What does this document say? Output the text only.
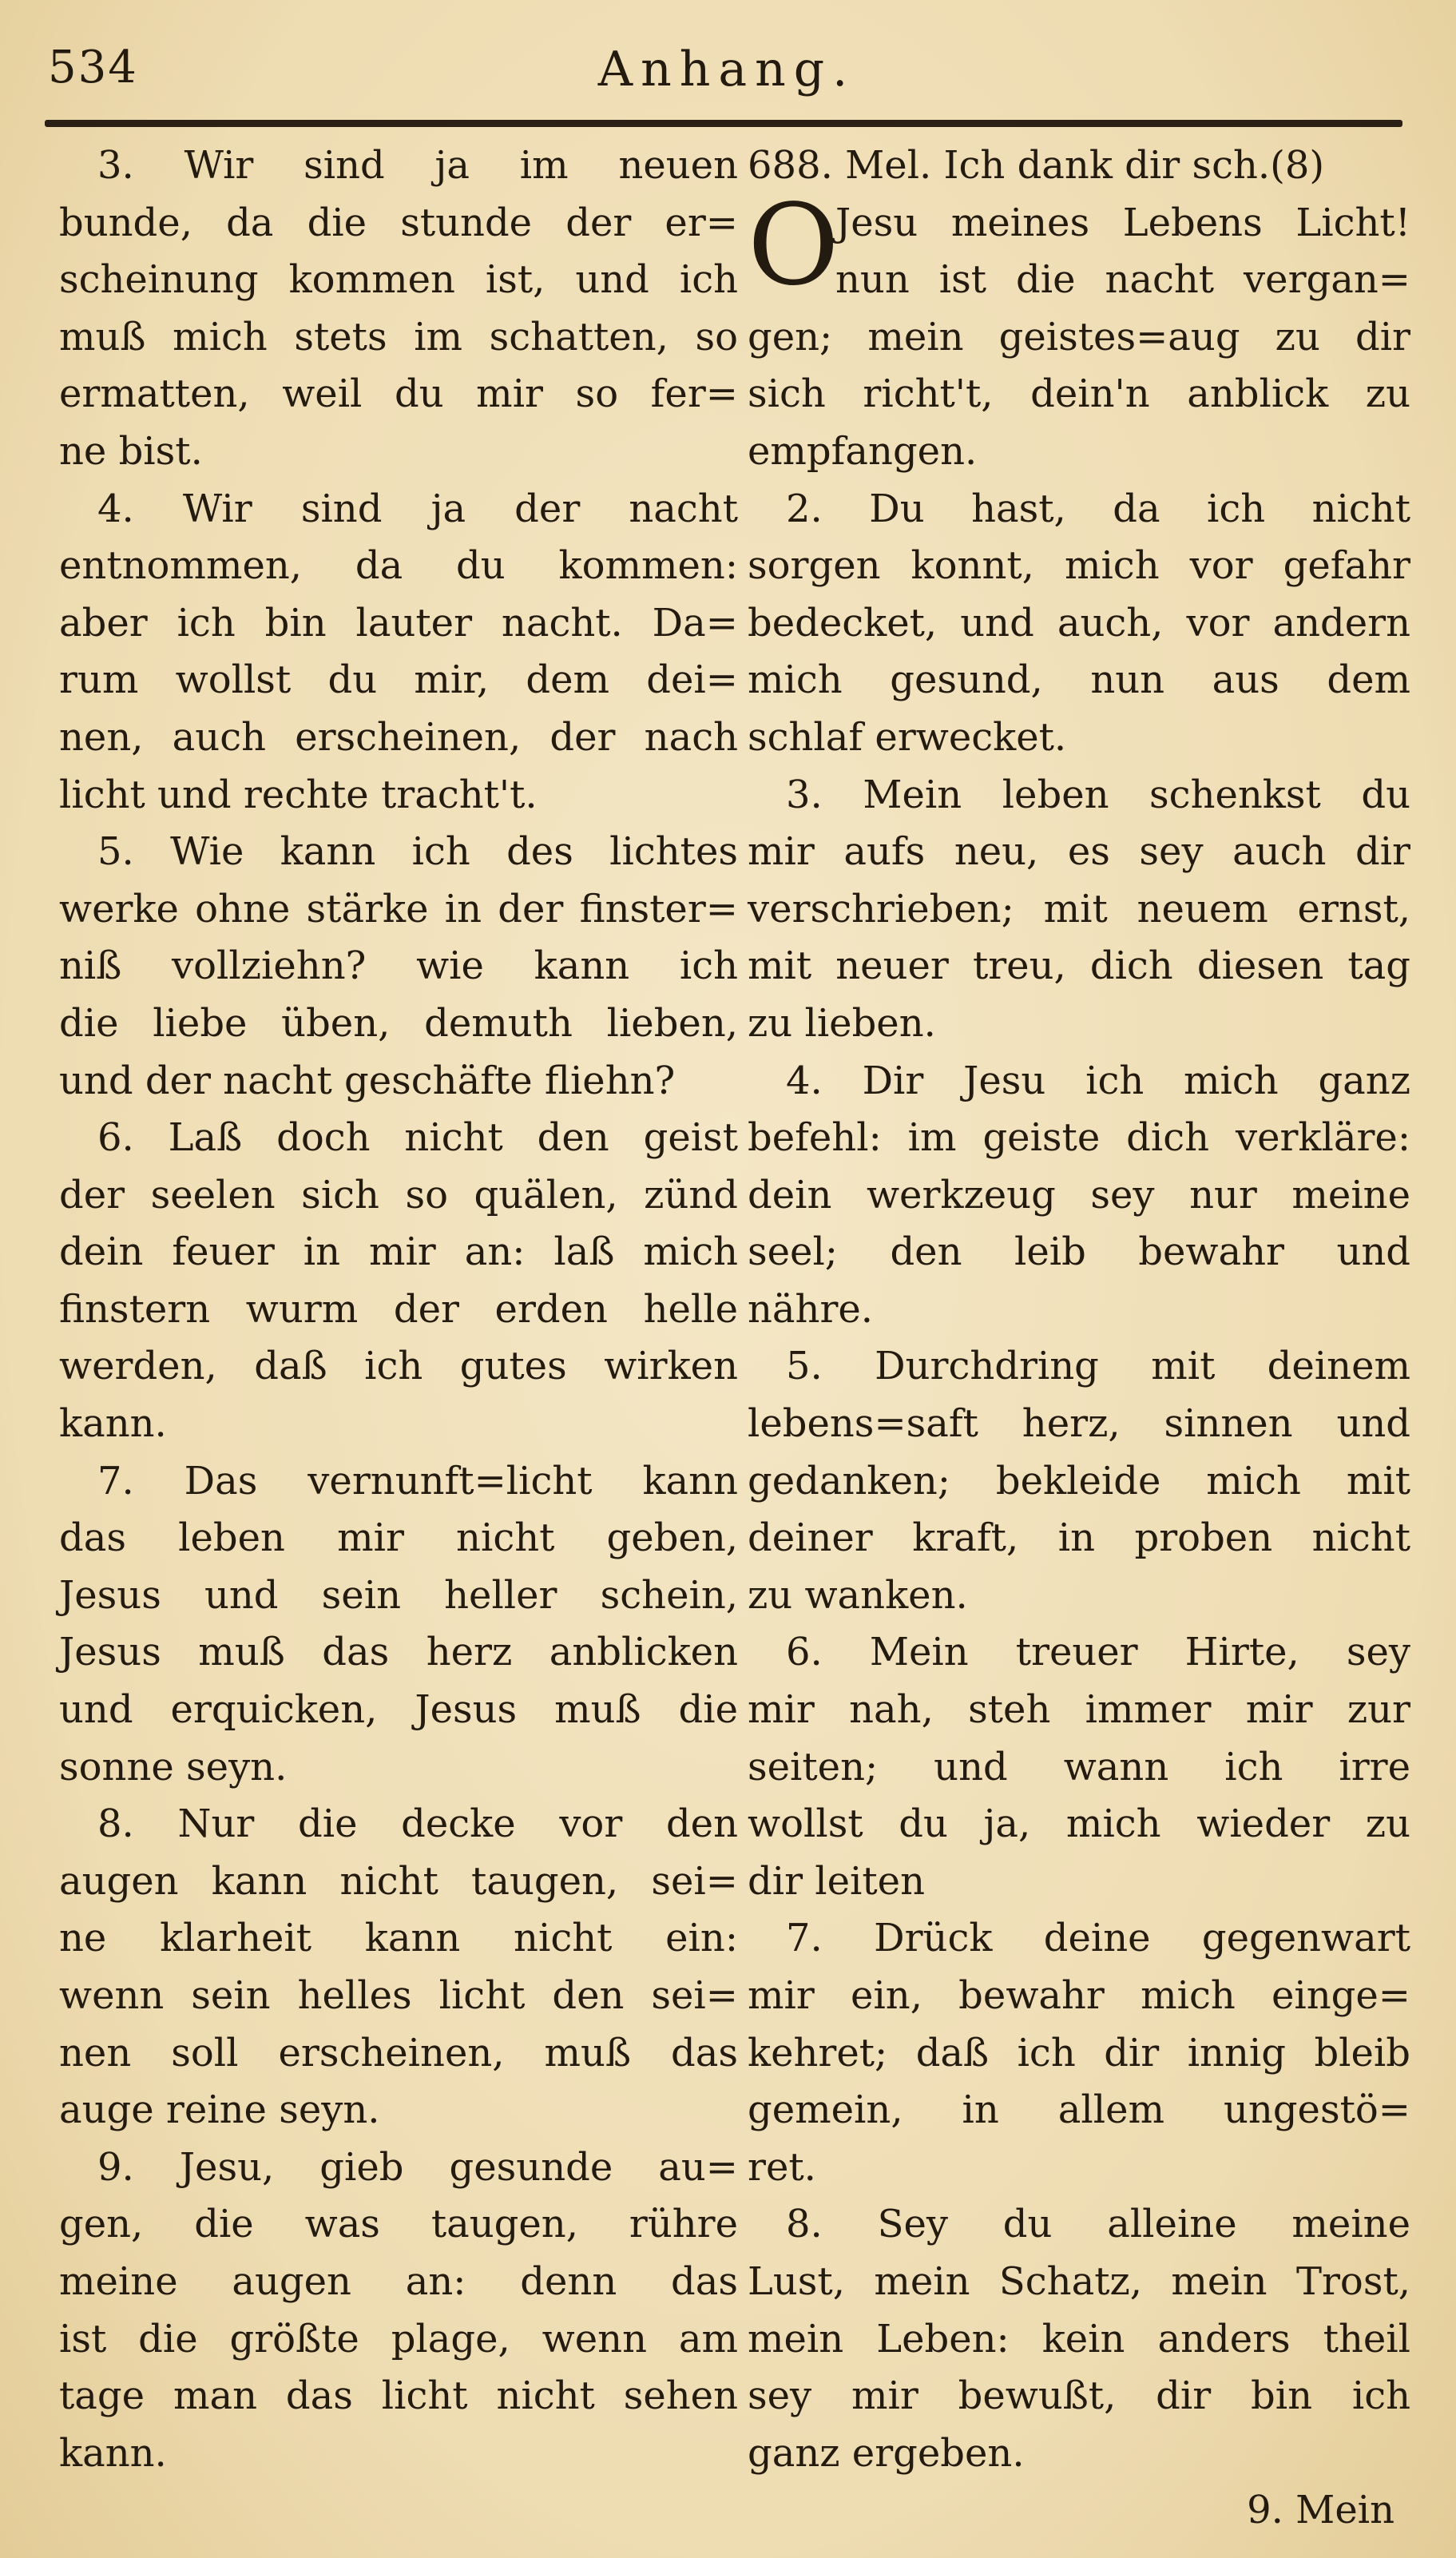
534	Anhang.
3. Wir sind ja im neuen
bunde, da die stunde der er=
scheinung kommen ist, und ich
muß mich stets im schatten, so
ermatten, weil du mir so fer=
ne bist.
4. Wir sind ja der nacht
entnommen, da du kommen:
aber ich bin lauter nacht. Da=
rum wollst du mir, dem dei=
nen, auch erscheinen, der nach
licht und rechte tracht't.
5. Wie kann ich des lichtes
werke ohne stärke in der finster=
niß vollziehn? wie kann ich
die liebe üben, demuth lieben,
und der nacht geschäfte fliehn?
6. Laß doch nicht den geist
der seelen sich so quälen, zünd
dein feuer in mir an: laß mich
finstern wurm der erden helle
werden, daß ich gutes wirken
kann.
7. Das vernunft=licht kann
das leben mir nicht geben,
Jesus und sein heller schein,
Jesus muß das herz anblicken
und erquicken, Jesus muß die
sonne seyn.
8. Nur die decke vor den
augen kann nicht taugen, sei=
ne klarheit kann nicht ein:
wenn sein helles licht den sei=
nen soll erscheinen, muß das
auge reine seyn.
9. Jesu, gieb gesunde au=
gen, die was taugen, rühre
meine augen an: denn das
ist die größte plage, wenn am
tage man das licht nicht sehen
kann.
688. Mel. Ich dank dir sch.(8)
O
Jesu meines Lebens Licht!
nun ist die nacht vergan=
gen; mein geistes=aug zu dir
sich richt't, dein'n anblick zu
empfangen.
2. Du hast, da ich nicht
sorgen konnt, mich vor gefahr
bedecket, und auch, vor andern
mich gesund, nun aus dem
schlaf erwecket.
3. Mein leben schenkst du
mir aufs neu, es sey auch dir
verschrieben; mit neuem ernst,
mit neuer treu, dich diesen tag
zu lieben.
4. Dir Jesu ich mich ganz
befehl: im geiste dich verkläre:
dein werkzeug sey nur meine
seel; den leib bewahr und
nähre.
5. Durchdring mit deinem
lebens=saft herz, sinnen und
gedanken; bekleide mich mit
deiner kraft, in proben nicht
zu wanken.
6. Mein treuer Hirte, sey
mir nah, steh immer mir zur
seiten; und wann ich irre
wollst du ja, mich wieder zu
dir leiten
7. Drück deine gegenwart
mir ein, bewahr mich einge=
kehret; daß ich dir innig bleib
gemein, in allem ungestö=
ret.
8. Sey du alleine meine
Lust, mein Schatz, mein Trost,
mein Leben: kein anders theil
sey mir bewußt, dir bin ich
ganz ergeben.
9. Mein
